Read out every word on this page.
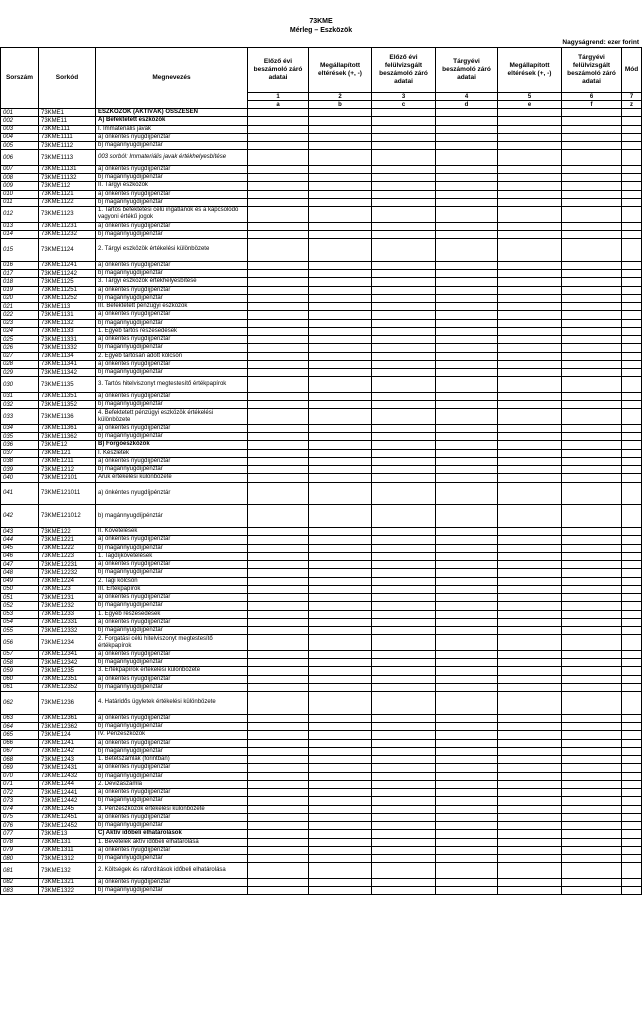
73KME
Mérleg – Eszközök
Nagyságrend: ezer forint
Sorszám	Sorkód	Megnevezés	Előző évi beszámoló záró adatai	Megállapított eltérések (+, -)	Előző évi felülvizsgált beszámoló záró adatai	Tárgyévi beszámoló záró adatai	Megállapított eltérések (+, -)	Tárgyévi felülvizsgált beszámoló záró adatai	Mód
			1	2	3	4	5	6	7
			a	b	c	d	e	f	z
001	73KME1	ESZKÖZÖK (AKTÍVÁK) ÖSSZESEN							
002	73KME11	A) Befektetett eszközök							
003	73KME111	I. Immateriális javak							
004	73KME1111	a) önkéntes nyugdíjpénztár							
005	73KME1112	b) magánnyugdíjpénztár							
006	73KME1113	003 sorból: Immateriális javak értékhelyesbítése							
007	73KME11131	a) önkéntes nyugdíjpénztár							
008	73KME11132	b) magánnyugdíjpénztár							
009	73KME112	II. Tárgyi eszközök							
010	73KME1121	a) önkéntes nyugdíjpénztár							
011	73KME1122	b) magánnyugdíjpénztár							
012	73KME1123	1. Tartós befektetési célú ingatlanok és a kapcsolódó vagyoni értékű jogok							
013	73KME11231	a) önkéntes nyugdíjpénztár							
014	73KME11232	b) magánnyugdíjpénztár							
015	73KME1124	2. Tárgyi eszközök értékelési különbözete							
016	73KME11241	a) önkéntes nyugdíjpénztár							
017	73KME11242	b) magánnyugdíjpénztár							
018	73KME1125	3. Tárgyi eszközök értékhelyesbítése							
019	73KME11251	a) önkéntes nyugdíjpénztár							
020	73KME11252	b) magánnyugdíjpénztár							
021	73KME113	III. Befektetett pénzügyi eszközök							
022	73KME1131	a) önkéntes nyugdíjpénztár							
023	73KME1132	b) magánnyugdíjpénztár							
024	73KME1133	1. Egyéb tartós részesedések							
025	73KME11331	a) önkéntes nyugdíjpénztár							
026	73KME11332	b) magánnyugdíjpénztár							
027	73KME1134	2. Egyéb tartósan adott kölcsön							
028	73KME11341	a) önkéntes nyugdíjpénztár							
029	73KME11342	b) magánnyugdíjpénztár							
030	73KME1135	3. Tartós hitelviszonyt megtestesítő értékpapírok							
031	73KME11351	a) önkéntes nyugdíjpénztár							
032	73KME11352	b) magánnyugdíjpénztár							
033	73KME1136	4. Befektetett pénzügyi eszközök értékelési különbözete							
034	73KME11361	a) önkéntes nyugdíjpénztár							
035	73KME11362	b) magánnyugdíjpénztár							
036	73KME12	B) Forgóeszközök							
037	73KME121	I. Készletek							
038	73KME1211	a) önkéntes nyugdíjpénztár							
039	73KME1212	b) magánnyugdíjpénztár							
040	73KME12101	Áruk értékelési különbözete							
041	73KME121011	a) önkéntes nyugdíjpénztár							
042	73KME121012	b) magánnyugdíjpénztár							
043	73KME122	II. Követelések							
044	73KME1221	a) önkéntes nyugdíjpénztár							
045	73KME1222	b) magánnyugdíjpénztár							
046	73KME1223	1. Tagdíjkövetelések							
047	73KME12231	a) önkéntes nyugdíjpénztár							
048	73KME12232	b) magánnyugdíjpénztár							
049	73KME1224	2. Tagi kölcsön							
050	73KME123	III. Értékpapírok							
051	73KME1231	a) önkéntes nyugdíjpénztár							
052	73KME1232	b) magánnyugdíjpénztár							
053	73KME1233	1. Egyéb részesedések							
054	73KME12331	a) önkéntes nyugdíjpénztár							
055	73KME12332	b) magánnyugdíjpénztár							
056	73KME1234	2. Forgatási célú hitelviszonyt megtestesítő értékpapírok							
057	73KME12341	a) önkéntes nyugdíjpénztár							
058	73KME12342	b) magánnyugdíjpénztár							
059	73KME1235	3. Értékpapírok értékelési különbözete							
060	73KME12351	a) önkéntes nyugdíjpénztár							
061	73KME12352	b) magánnyugdíjpénztár							
062	73KME1236	4. Határidős ügyletek értékelési különbözete							
063	73KME12361	a) önkéntes nyugdíjpénztár							
064	73KME12362	b) magánnyugdíjpénztár							
065	73KME124	IV. Pénzeszközök							
066	73KME1241	a) önkéntes nyugdíjpénztár							
067	73KME1242	b) magánnyugdíjpénztár							
068	73KME1243	1. Betétszámlák (forintban)							
069	73KME12431	a) önkéntes nyugdíjpénztár							
070	73KME12432	b) magánnyugdíjpénztár							
071	73KME1244	2. Devizaszámla							
072	73KME12441	a) önkéntes nyugdíjpénztár							
073	73KME12442	b) magánnyugdíjpénztár							
074	73KME1245	3. Pénzeszközök értékelési különbözete							
075	73KME12451	a) önkéntes nyugdíjpénztár							
076	73KME12452	b) magánnyugdíjpénztár							
077	73KME13	C) Aktív időbeli elhatárolások							
078	73KME131	1. Bevételek aktív időbeli elhatárolása							
079	73KME1311	a) önkéntes nyugdíjpénztár							
080	73KME1312	b) magánnyugdíjpénztár							
081	73KME132	2. Költségek és ráfordítások időbeli elhatárolása							
082	73KME1321	a) önkéntes nyugdíjpénztár							
083	73KME1322	b) magánnyugdíjpénztár							
